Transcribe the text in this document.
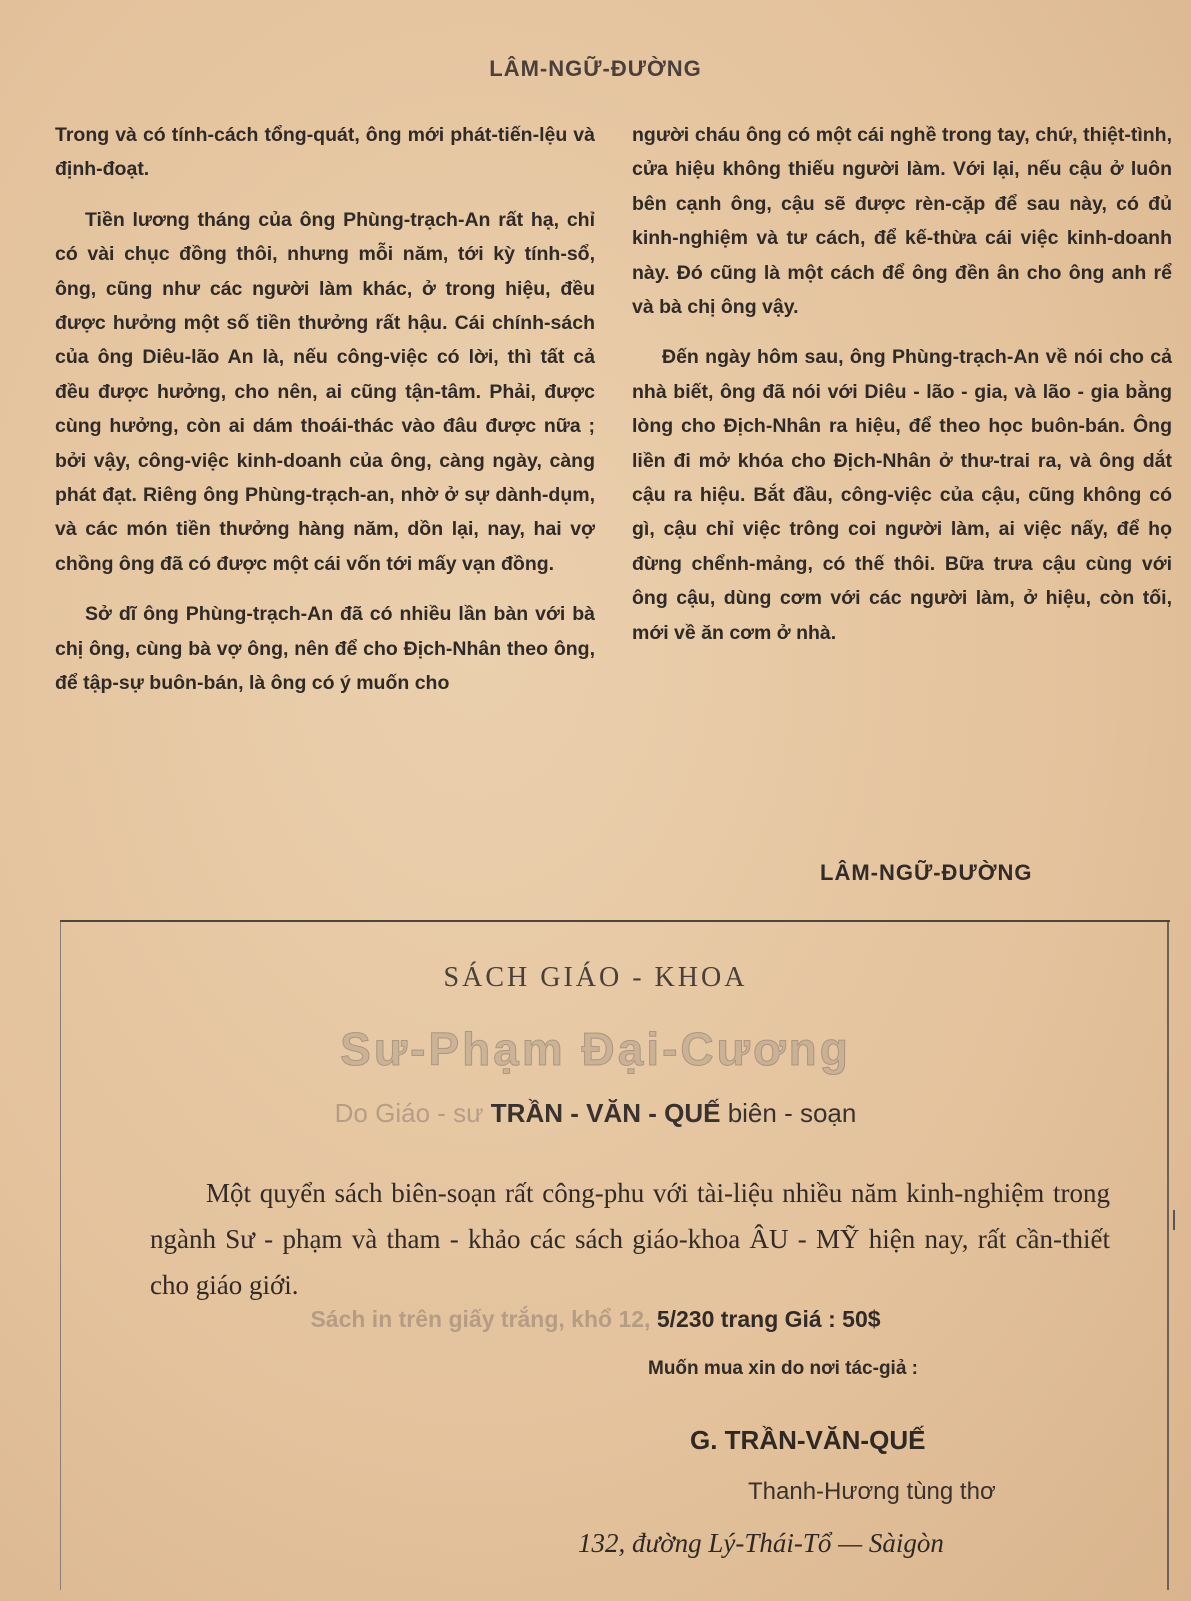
LÂM-NGỮ-ĐƯỜNG

Trong và có tính-cách tổng-quát, ông mới phát-tiến-lệu và định-đoạt.

Tiền lương tháng của ông Phùng-trạch-An rất hạ, chỉ có vài chục đồng thôi, nhưng mỗi năm, tới kỳ tính-sổ, ông, cũng như các người làm khác, ở trong hiệu, đều được hưởng một số tiền thưởng rất hậu. Cái chính-sách của ông Diêu-lão An là, nếu công-việc có lời, thì tất cả đều được hưởng, cho nên, ai cũng tận-tâm. Phải, được cùng hưởng, còn ai dám thoái-thác vào đâu được nữa ; bởi vậy, công-việc kinh-doanh của ông, càng ngày, càng phát đạt. Riêng ông Phùng-trạch-an, nhờ ở sự dành-dụm, và các món tiền thưởng hàng năm, dồn lại, nay, hai vợ chồng ông đã có được một cái vốn tới mấy vạn đồng.

Sở dĩ ông Phùng-trạch-An đã có nhiều lần bàn với bà chị ông, cùng bà vợ ông, nên để cho Địch-Nhân theo ông, để tập-sự buôn-bán, là ông có ý muốn cho

người cháu ông có một cái nghề trong tay, chứ, thiệt-tình, cửa hiệu không thiếu người làm. Với lại, nếu cậu ở luôn bên cạnh ông, cậu sẽ được rèn-cặp để sau này, có đủ kinh-nghiệm và tư cách, để kế-thừa cái việc kinh-doanh này. Đó cũng là một cách để ông đền ân cho ông anh rể và bà chị ông vậy.

Đến ngày hôm sau, ông Phùng-trạch-An về nói cho cả nhà biết, ông đã nói với Diêu - lão - gia, và lão - gia bằng lòng cho Địch-Nhân ra hiệu, để theo học buôn-bán. Ông liền đi mở khóa cho Địch-Nhân ở thư-trai ra, và ông dắt cậu ra hiệu. Bắt đầu, công-việc của cậu, cũng không có gì, cậu chỉ việc trông coi người làm, ai việc nấy, để họ đừng chểnh-mảng, có thế thôi. Bữa trưa cậu cùng với ông cậu, dùng cơm với các người làm, ở hiệu, còn tối, mới về ăn cơm ở nhà.

LÂM-NGỮ-ĐƯỜNG
SÁCH GIÁO - KHOA
Sư-Phạm Đại-Cương
Do Giáo - sư TRẦN - VĂN - QUẾ biên - soạn

Một quyển sách biên-soạn rất công-phu với tài-liệu nhiều năm kinh-nghiệm trong ngành Sư - phạm và tham - khảo các sách giáo-khoa ÂU - MỸ hiện nay, rất cần-thiết cho giáo giới.

Sách in trên giấy trắng, khổ 12, 5/230 trang Giá : 50$
Muốn mua xin do nơi tác-giả :
G. TRẦN-VĂN-QUẾ
Thanh-Hương tùng thơ
132, đường Lý-Thái-Tổ — Sàigòn
